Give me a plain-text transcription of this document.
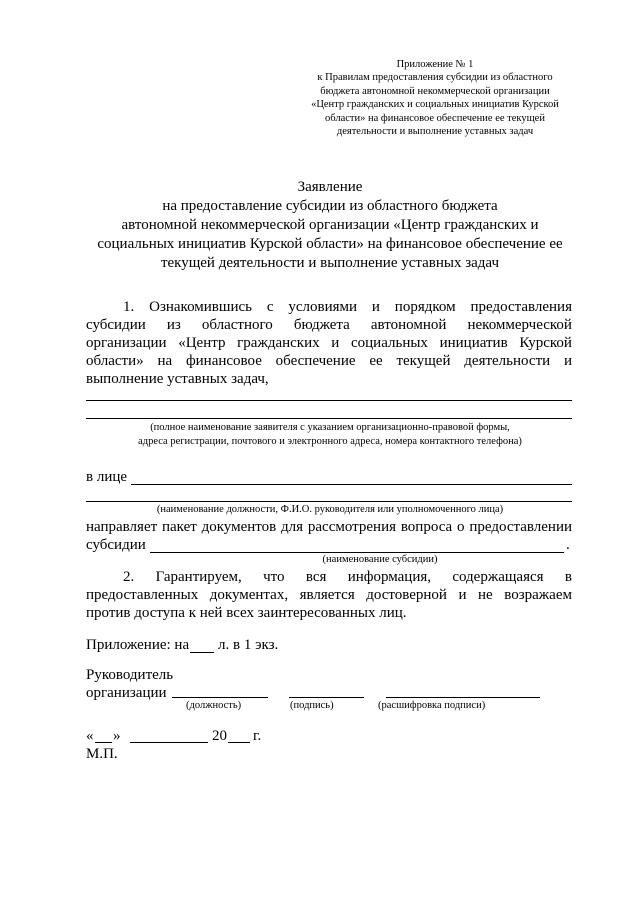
Приложение № 1
к Правилам предоставления субсидии из областного
бюджета автономной некоммерческой организации
«Центр гражданских и социальных инициатив Курской
области» на финансовое обеспечение ее текущей
деятельности и выполнение уставных задач
Заявление
на предоставление субсидии из областного бюджета
автономной некоммерческой организации «Центр гражданских и
социальных инициатив Курской области» на финансовое обеспечение ее
текущей деятельности и выполнение уставных задач
1. Ознакомившись с условиями и порядком предоставления
субсидии из областного бюджета автономной некоммерческой
организации «Центр гражданских и социальных инициатив Курской
области» на финансовое обеспечение ее текущей деятельности и
выполнение уставных задач,
(полное наименование заявителя с указанием организационно-правовой формы,
адреса регистрации, почтового и электронного адреса, номера контактного телефона)
в лице
(наименование должности, Ф.И.О. руководителя или уполномоченного лица)
направляет пакет документов для рассмотрения вопроса о предоставлении
субсидии	.
(наименование субсидии)
2. Гарантируем, что вся информация, содержащаяся в
предоставленных документах, является достоверной и не возражаем
против доступа к ней всех заинтересованных лиц.
Приложение: на л. в 1 экз.
Руководитель
организации
(должность)	(подпись)	(расшифровка подписи)
« »	20 г.
М.П.
